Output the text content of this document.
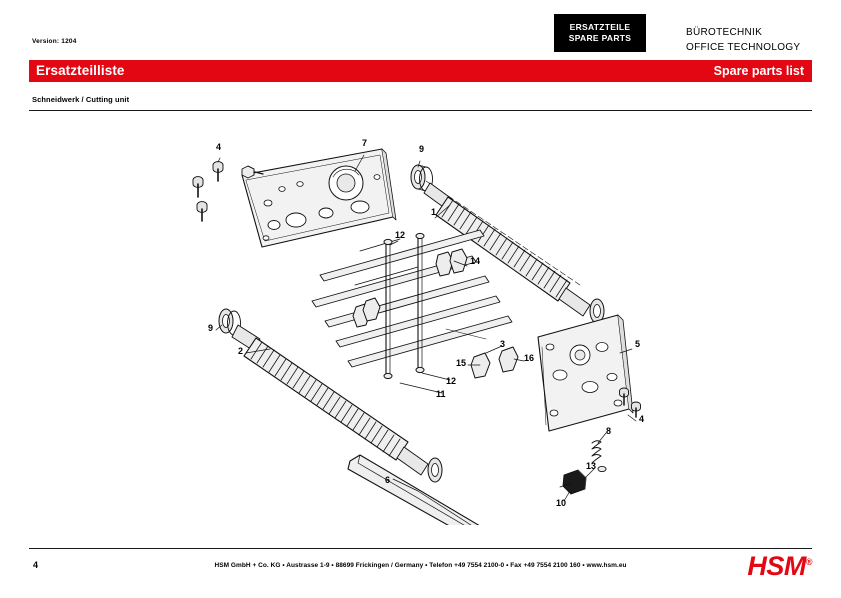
Version: 1204
ERSATZTEILE
SPARE PARTS	BÜROTECHNIK
OFFICE TECHNOLOGY
Ersatzteilliste	Spare parts list
Schneidwerk / Cutting unit
4	7
9
1
12
14
9
2
3	5
15	16
12
11
4
8
13
6
10
4	HSM GmbH + Co. KG • Austrasse 1-9 • 88699 Frickingen / Germany • Telefon +49 7554 2100-0 • Fax +49 7554 2100 160 • www.hsm.eu	HSM®
